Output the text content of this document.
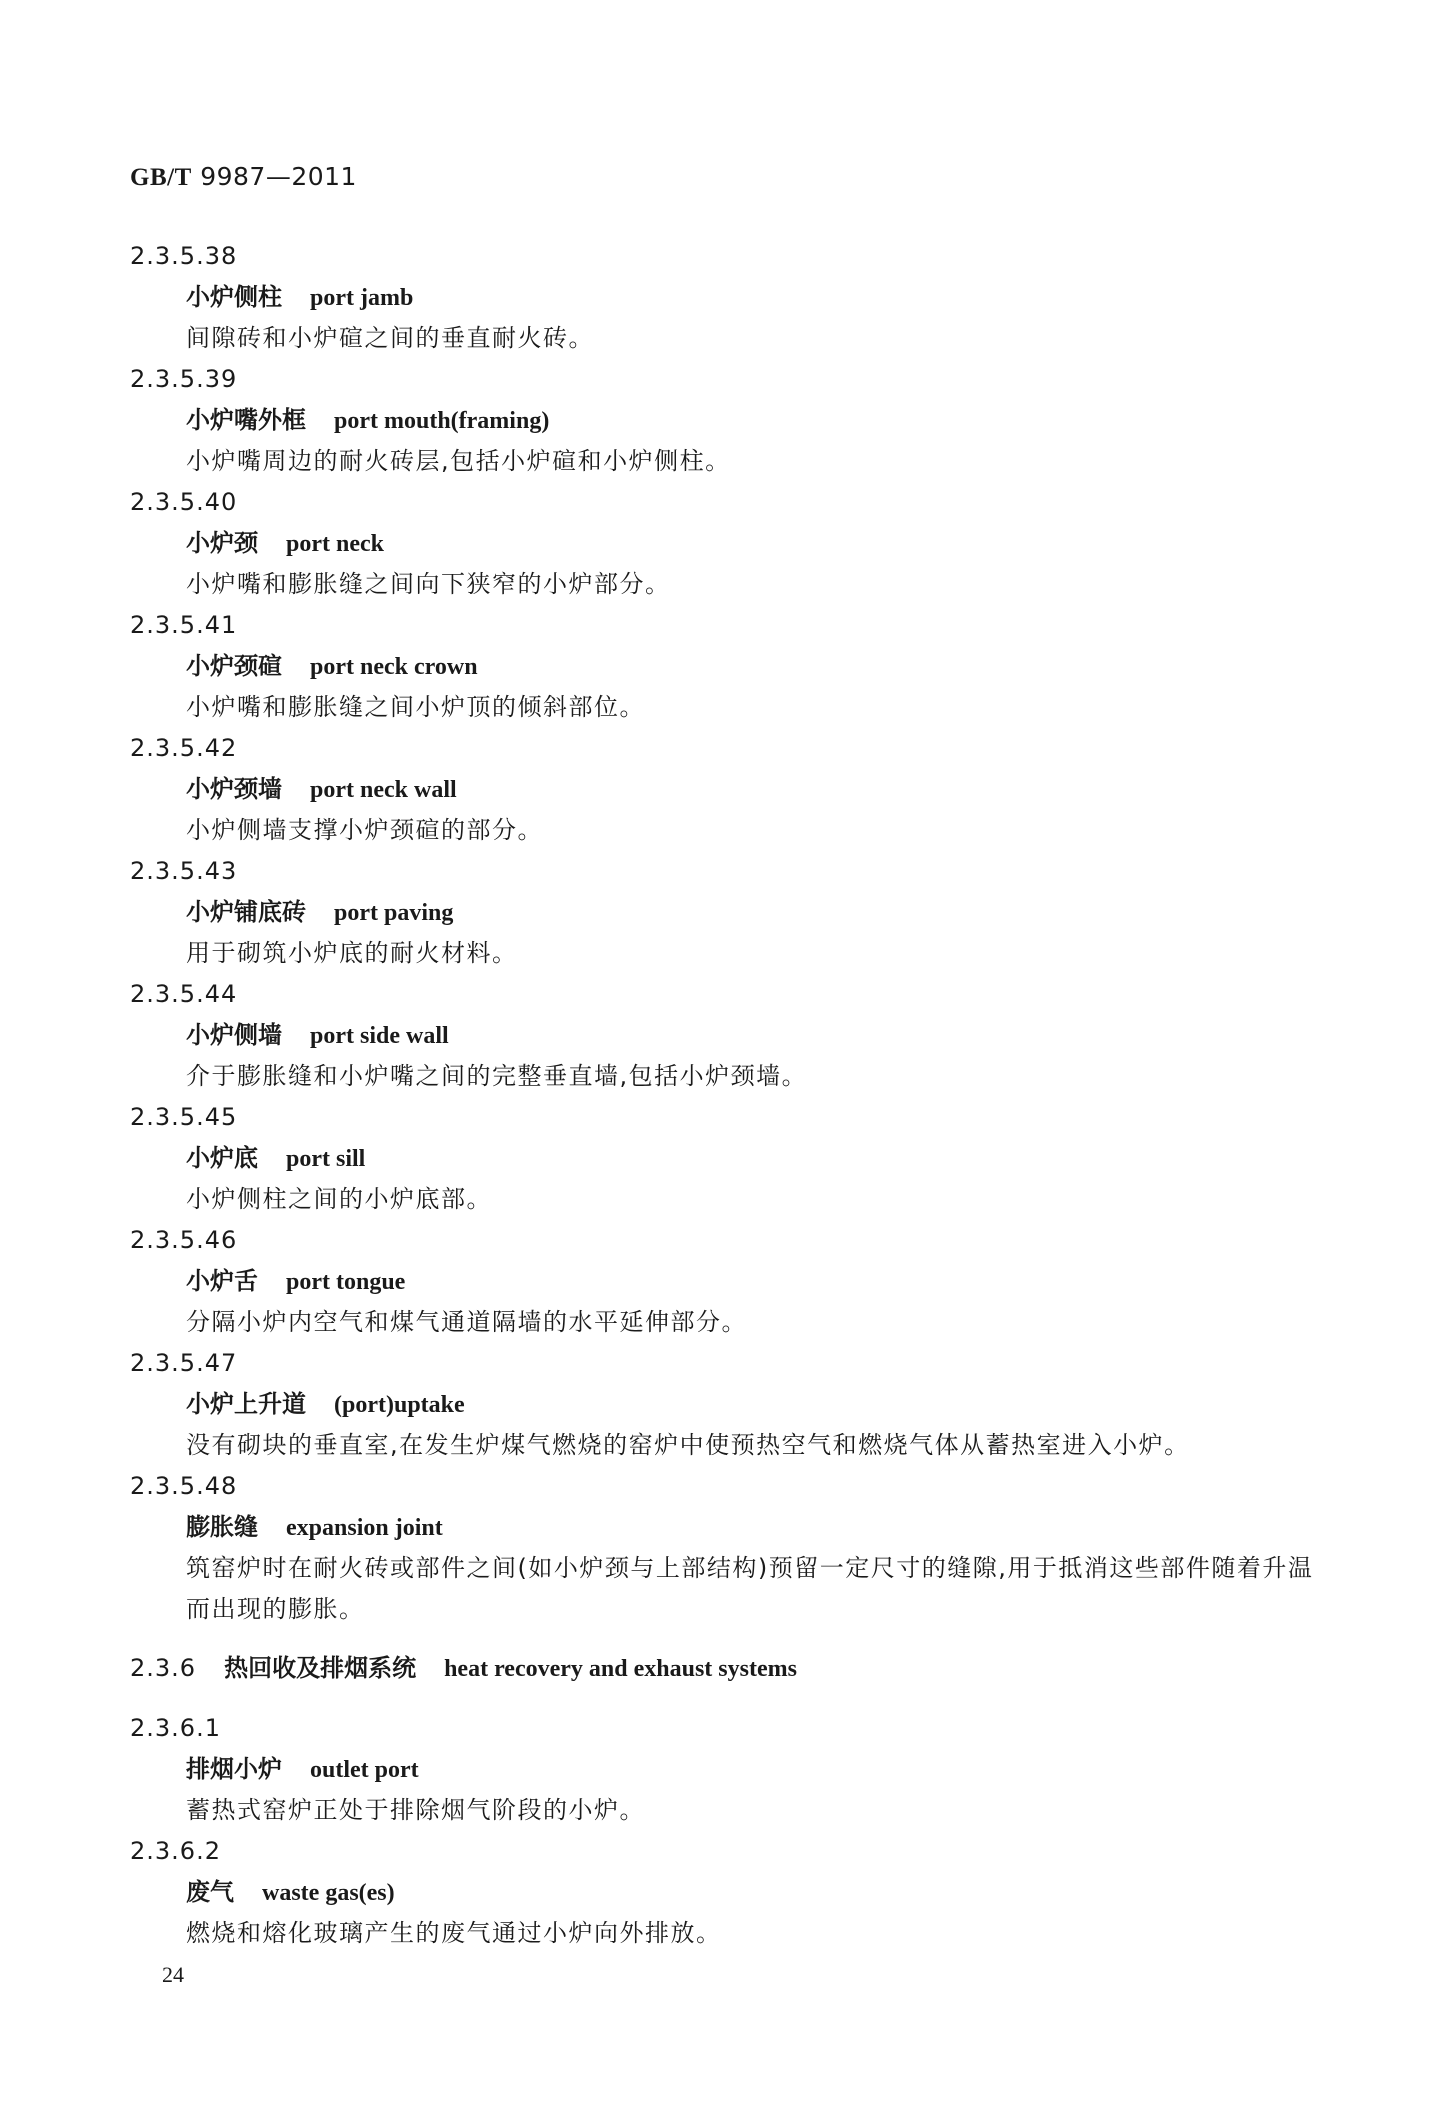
GB/T 9987—2011
2.3.5.38
小炉侧柱 port jamb
间隙砖和小炉碹之间的垂直耐火砖。
2.3.5.39
小炉嘴外框 port mouth(framing)
小炉嘴周边的耐火砖层,包括小炉碹和小炉侧柱。
2.3.5.40
小炉颈 port neck
小炉嘴和膨胀缝之间向下狭窄的小炉部分。
2.3.5.41
小炉颈碹 port neck crown
小炉嘴和膨胀缝之间小炉顶的倾斜部位。
2.3.5.42
小炉颈墙 port neck wall
小炉侧墙支撑小炉颈碹的部分。
2.3.5.43
小炉铺底砖 port paving
用于砌筑小炉底的耐火材料。
2.3.5.44
小炉侧墙 port side wall
介于膨胀缝和小炉嘴之间的完整垂直墙,包括小炉颈墙。
2.3.5.45
小炉底 port sill
小炉侧柱之间的小炉底部。
2.3.5.46
小炉舌 port tongue
分隔小炉内空气和煤气通道隔墙的水平延伸部分。
2.3.5.47
小炉上升道 (port)uptake
没有砌块的垂直室,在发生炉煤气燃烧的窑炉中使预热空气和燃烧气体从蓄热室进入小炉。
2.3.5.48
膨胀缝 expansion joint
筑窑炉时在耐火砖或部件之间(如小炉颈与上部结构)预留一定尺寸的缝隙,用于抵消这些部件随着升温而出现的膨胀。
2.3.6 热回收及排烟系统 heat recovery and exhaust systems
2.3.6.1
排烟小炉 outlet port
蓄热式窑炉正处于排除烟气阶段的小炉。
2.3.6.2
废气 waste gas(es)
燃烧和熔化玻璃产生的废气通过小炉向外排放。
24
